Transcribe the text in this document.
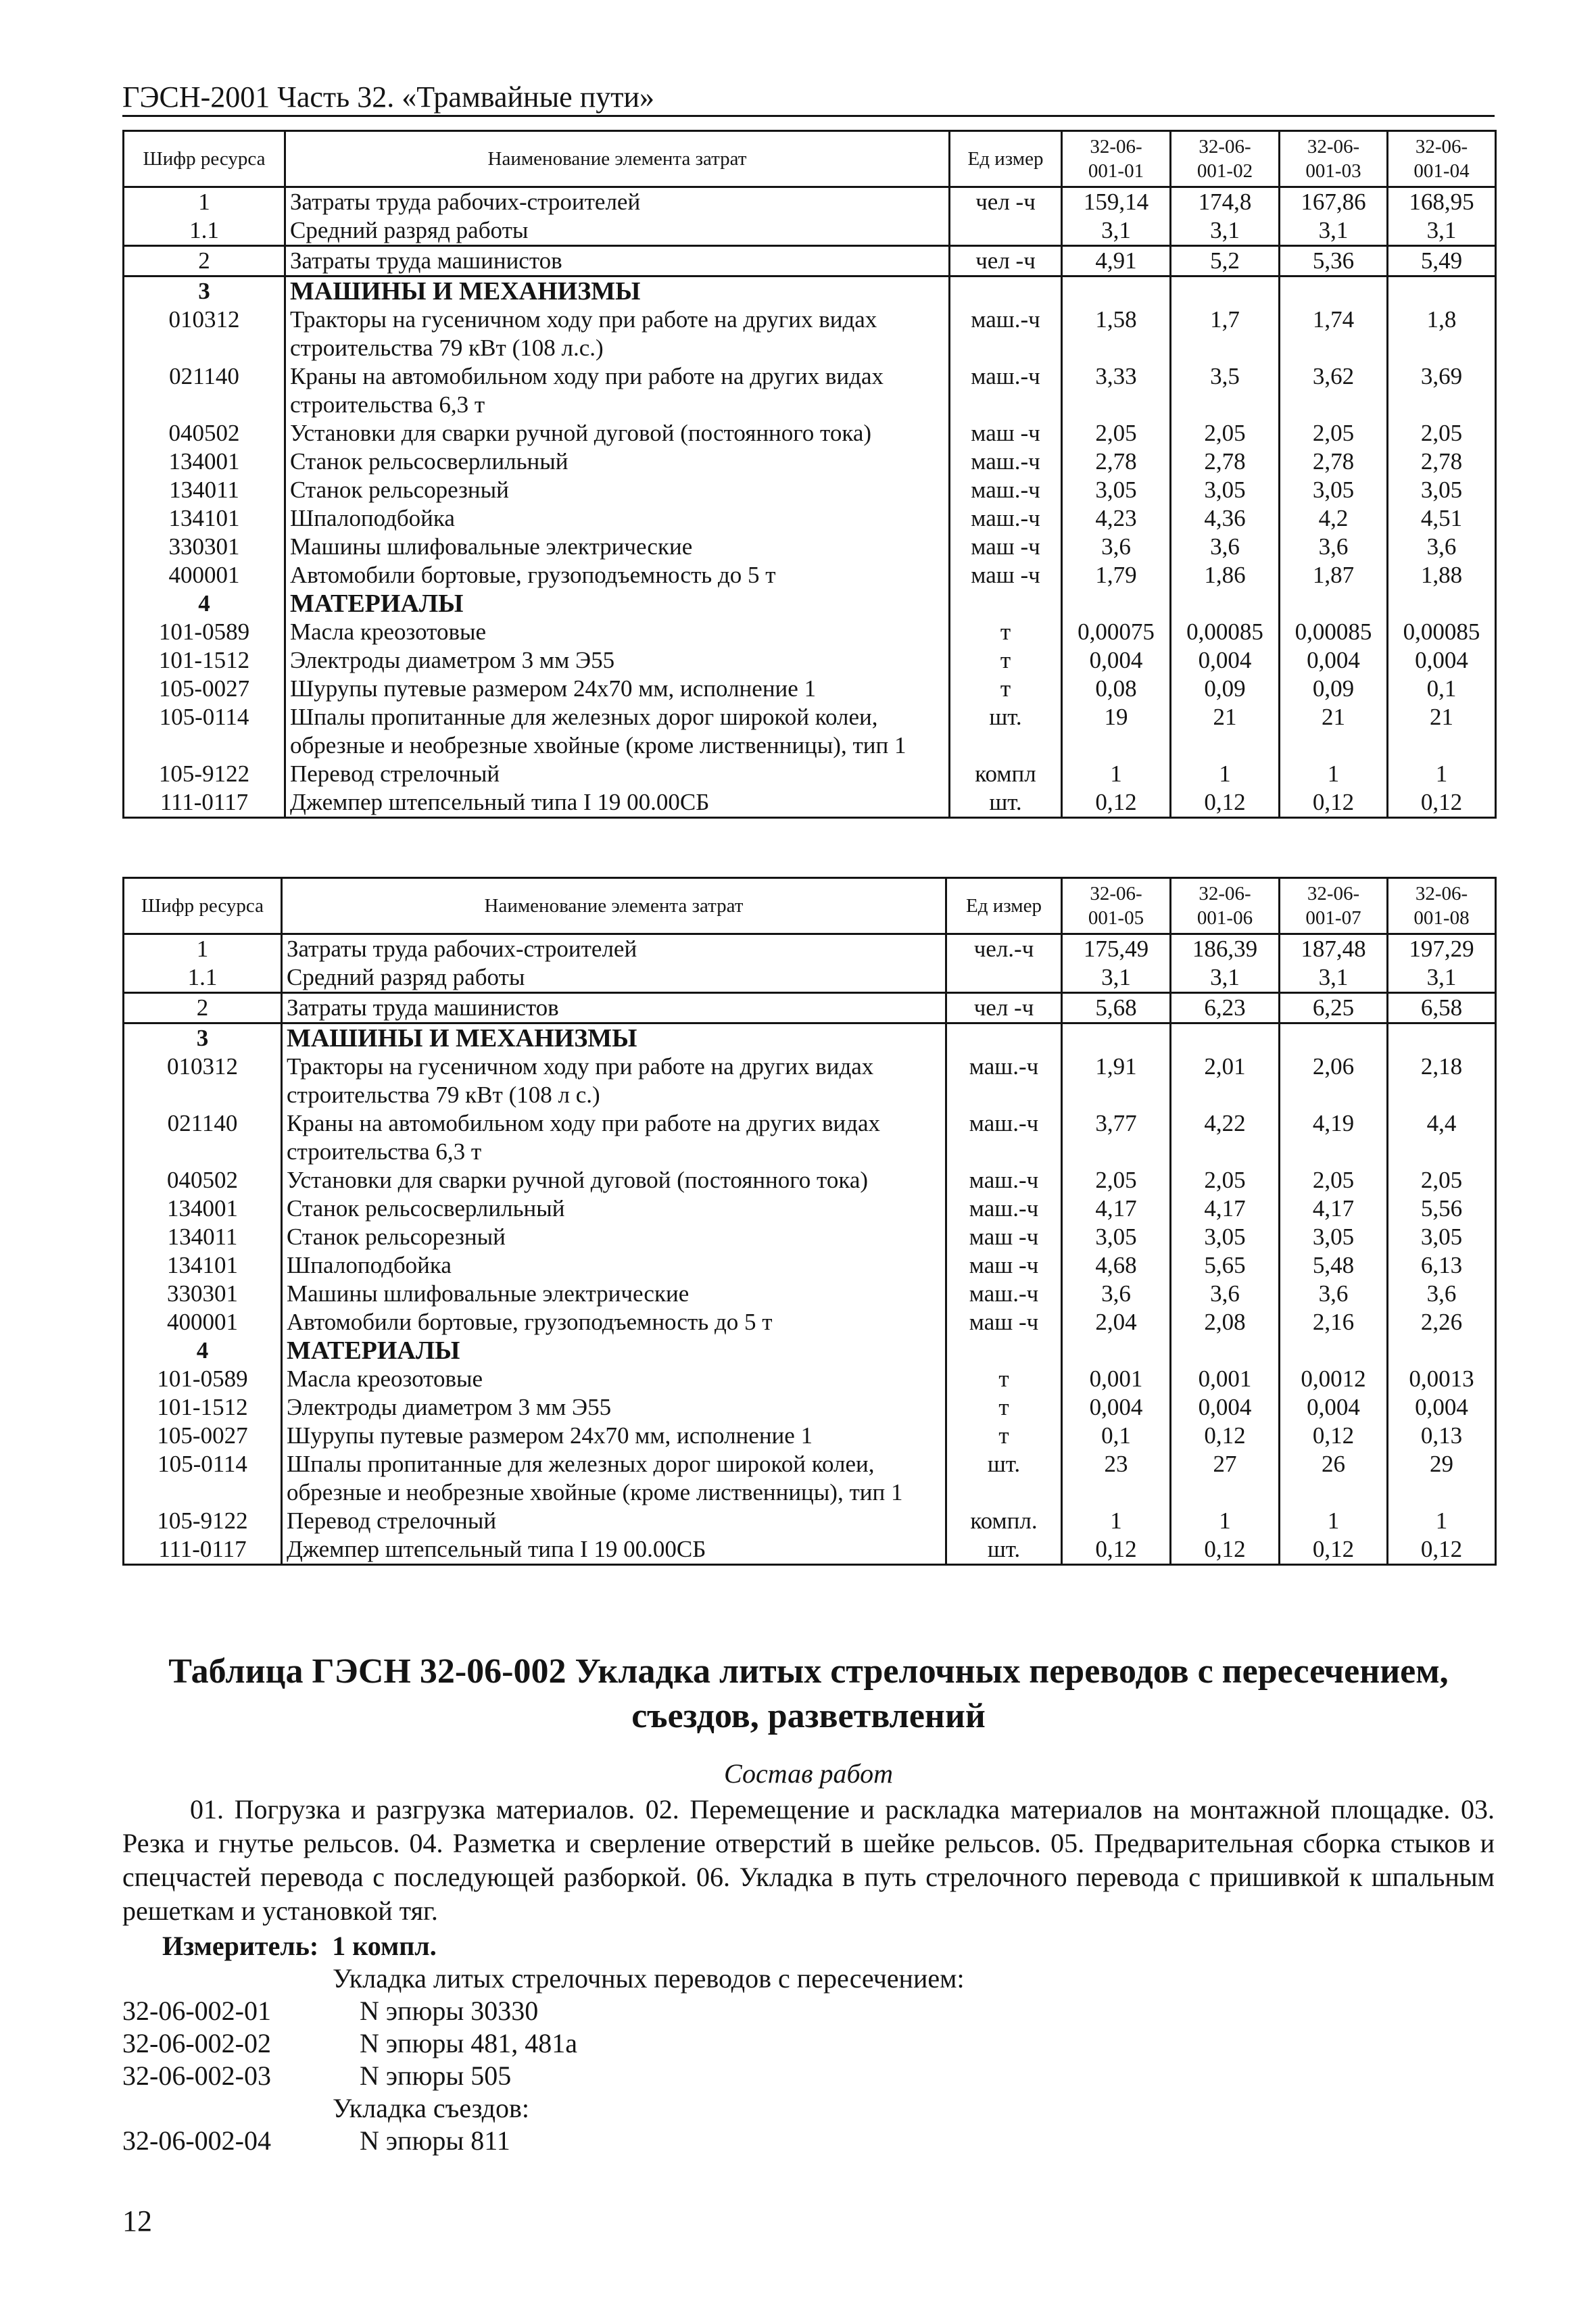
ГЭСН-2001 Часть 32. «Трамвайные пути»
Шифр ресурса	Наименование элемента затрат	Ед измер	32-06-
001-01	32-06-
001-02	32-06-
001-03	32-06-
001-04
1	Затраты труда рабочих-строителей	чел -ч	159,14	174,8	167,86	168,95
1.1	Средний разряд работы		3,1	3,1	3,1	3,1
2	Затраты труда машинистов	чел -ч	4,91	5,2	5,36	5,49
3	МАШИНЫ И МЕХАНИЗМЫ					
010312	Тракторы на гусеничном ходу при работе на других видах строительства 79 кВт (108 л.с.)	маш.-ч	1,58	1,7	1,74	1,8
021140	Краны на автомобильном ходу при работе на других видах строительства 6,3 т	маш.-ч	3,33	3,5	3,62	3,69
040502	Установки для сварки ручной дуговой (постоянного тока)	маш -ч	2,05	2,05	2,05	2,05
134001	Станок рельсосверлильный	маш.-ч	2,78	2,78	2,78	2,78
134011	Станок рельсорезный	маш.-ч	3,05	3,05	3,05	3,05
134101	Шпалоподбойка	маш.-ч	4,23	4,36	4,2	4,51
330301	Машины шлифовальные электрические	маш -ч	3,6	3,6	3,6	3,6
400001	Автомобили бортовые, грузоподъемность до 5 т	маш -ч	1,79	1,86	1,87	1,88
4	МАТЕРИАЛЫ					
101-0589	Масла креозотовые	т	0,00075	0,00085	0,00085	0,00085
101-1512	Электроды диаметром 3 мм Э55	т	0,004	0,004	0,004	0,004
105-0027	Шурупы путевые размером 24х70 мм, исполнение 1	т	0,08	0,09	0,09	0,1
105-0114	Шпалы пропитанные для железных дорог широкой колеи, обрезные и необрезные хвойные (кроме лиственницы), тип 1	шт.	19	21	21	21
105-9122	Перевод стрелочный	компл	1	1	1	1
111-0117	Джемпер штепсельный типа I 19 00.00СБ	шт.	0,12	0,12	0,12	0,12
Шифр ресурса	Наименование элемента затрат	Ед измер	32-06-
001-05	32-06-
001-06	32-06-
001-07	32-06-
001-08
1	Затраты труда рабочих-строителей	чел.-ч	175,49	186,39	187,48	197,29
1.1	Средний разряд работы		3,1	3,1	3,1	3,1
2	Затраты труда машинистов	чел -ч	5,68	6,23	6,25	6,58
3	МАШИНЫ И МЕХАНИЗМЫ					
010312	Тракторы на гусеничном ходу при работе на других видах строительства 79 кВт (108 л с.)	маш.-ч	1,91	2,01	2,06	2,18
021140	Краны на автомобильном ходу при работе на других видах строительства 6,3 т	маш.-ч	3,77	4,22	4,19	4,4
040502	Установки для сварки ручной дуговой (постоянного тока)	маш.-ч	2,05	2,05	2,05	2,05
134001	Станок рельсосверлильный	маш.-ч	4,17	4,17	4,17	5,56
134011	Станок рельсорезный	маш -ч	3,05	3,05	3,05	3,05
134101	Шпалоподбойка	маш -ч	4,68	5,65	5,48	6,13
330301	Машины шлифовальные электрические	маш.-ч	3,6	3,6	3,6	3,6
400001	Автомобили бортовые, грузоподъемность до 5 т	маш -ч	2,04	2,08	2,16	2,26
4	МАТЕРИАЛЫ					
101-0589	Масла креозотовые	т	0,001	0,001	0,0012	0,0013
101-1512	Электроды диаметром 3 мм Э55	т	0,004	0,004	0,004	0,004
105-0027	Шурупы путевые размером 24х70 мм, исполнение 1	т	0,1	0,12	0,12	0,13
105-0114	Шпалы пропитанные для железных дорог широкой колеи, обрезные и необрезные хвойные (кроме лиственницы), тип 1	шт.	23	27	26	29
105-9122	Перевод стрелочный	компл.	1	1	1	1
111-0117	Джемпер штепсельный типа I 19 00.00СБ	шт.	0,12	0,12	0,12	0,12
Таблица ГЭСН 32-06-002 Укладка литых стрелочных переводов с пересечением, съездов, разветвлений
Состав работ

01. Погрузка и разгрузка материалов. 02. Перемещение и раскладка материалов на монтажной площадке. 03. Резка и гнутье рельсов. 04. Разметка и сверление отверстий в шейке рельсов. 05. Предварительная сборка стыков и спецчастей перевода с последующей разборкой. 06. Укладка в путь стрелочного перевода с пришивкой к шпальным решеткам и установкой тяг.

Измеритель: 1 компл.
Укладка литых стрелочных переводов с пересечением:
32-06-002-01	N эпюры 30330
32-06-002-02	N эпюры 481, 481а
32-06-002-03	N эпюры 505
Укладка съездов:
32-06-002-04	N эпюры 811
12
